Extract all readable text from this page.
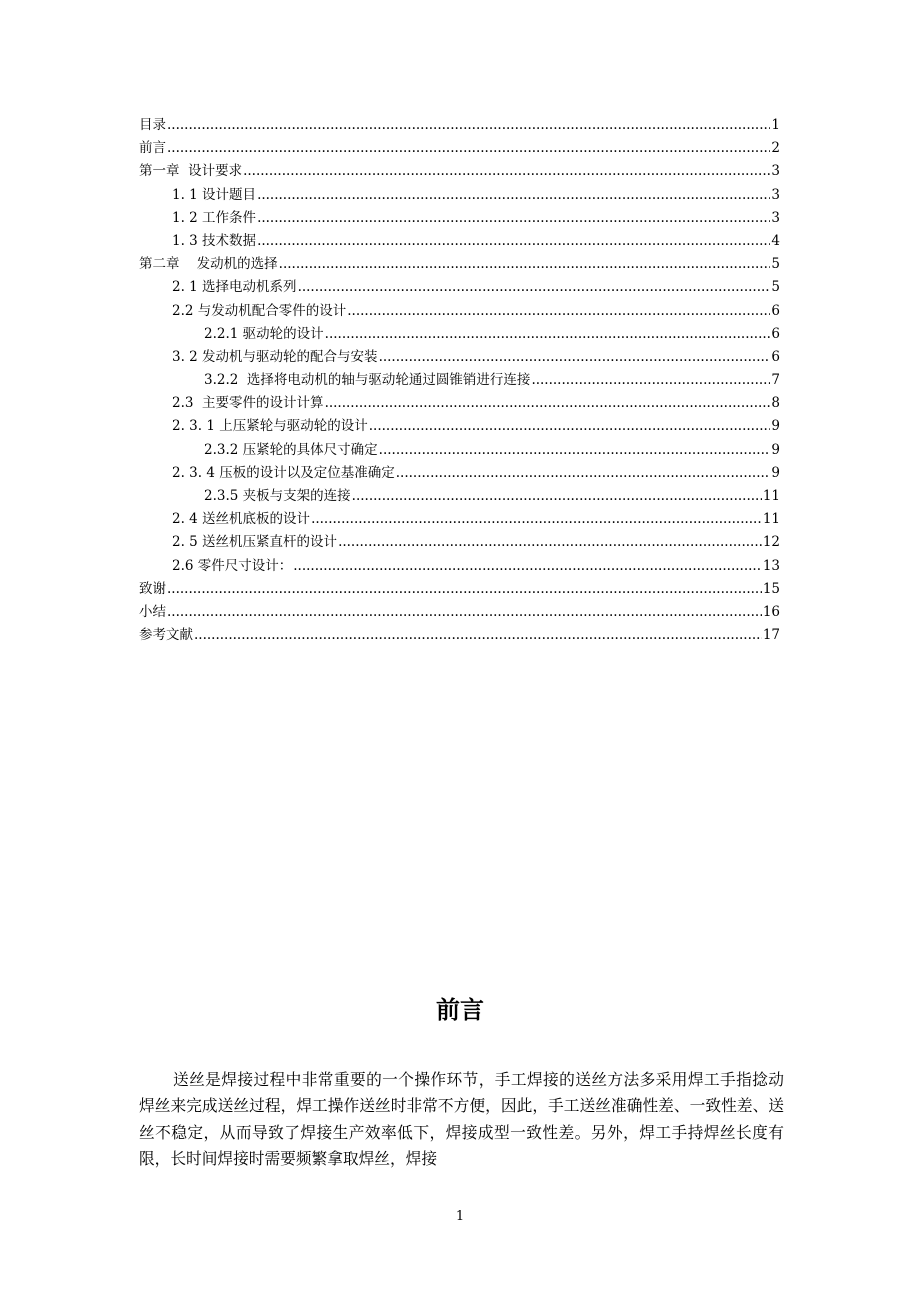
目录 .....	1
前言 .....	2
第一章  设计要求 .....	3
1. 1 设计题目 .....	3
1. 2 工作条件 .....	3
1. 3 技术数据 .....	4
第二章    发动机的选择 .....	5
2. 1 选择电动机系列 .....	5
2.2 与发动机配合零件的设计 .....	6
2.2.1 驱动轮的设计 .....	6
3. 2 发动机与驱动轮的配合与安装 .....	6
3.2.2  选择将电动机的轴与驱动轮通过圆锥销进行连接 .....	7
2.3  主要零件的设计计算 .....	8
2. 3. 1 上压紧轮与驱动轮的设计 .....	9
2.3.2 压紧轮的具体尺寸确定 .....	9
2. 3. 4 压板的设计以及定位基准确定 .....	9
2.3.5 夹板与支架的连接 .....	11
2. 4 送丝机底板的设计 .....	11
2. 5 送丝机压紧直杆的设计 .....	12
2.6 零件尺寸设计： .....	13
致谢 .....	15
小结 .....	16
参考文献 .....	17
前言

送丝是焊接过程中非常重要的一个操作环节，手工焊接的送丝方法多采用焊工手指捻动焊丝来完成送丝过程，焊工操作送丝时非常不方便，因此，手工送丝准确性差、一致性差、送丝不稳定，从而导致了焊接生产效率低下，焊接成型一致性差。另外，焊工手持焊丝长度有限，长时间焊接时需要频繁拿取焊丝，焊接

1
